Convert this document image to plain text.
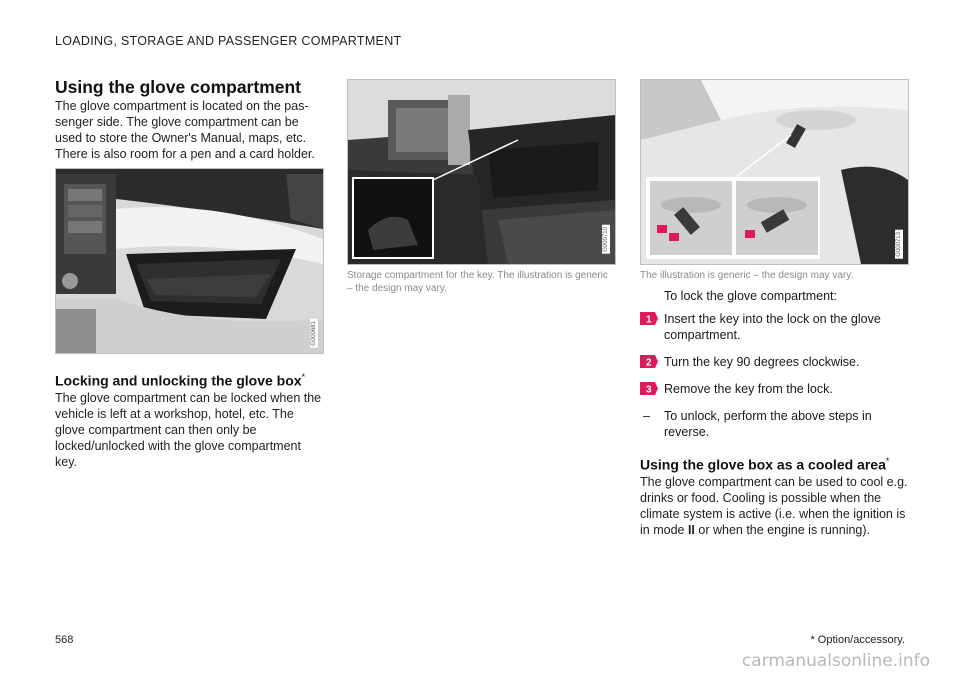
LOADING, STORAGE AND PASSENGER COMPARTMENT
Using the glove compartment

The glove compartment is located on the pas-senger side. The glove compartment can be used to store the Owner's Manual, maps, etc. There is also room for a pen and a card holder.

G000681
Locking and unlocking the glove box*

The glove compartment can be locked when the vehicle is left at a workshop, hotel, etc. The glove compartment can then only be locked/unlocked with the glove compartment key.

G000710
Storage compartment for the key. The illustration is generic – the design may vary.
G000713
The illustration is generic – the design may vary.
To lock the glove compartment:
1 Insert the key into the lock on the glove compartment.
2 Turn the key 90 degrees clockwise.
3 Remove the key from the lock.
– To unlock, perform the above steps in reverse.
Using the glove box as a cooled area*

The glove compartment can be used to cool e.g. drinks or food. Cooling is possible when the climate system is active (i.e. when the ignition is in mode II or when the engine is running).

568	* Option/accessory.
carmanualsonline.info
